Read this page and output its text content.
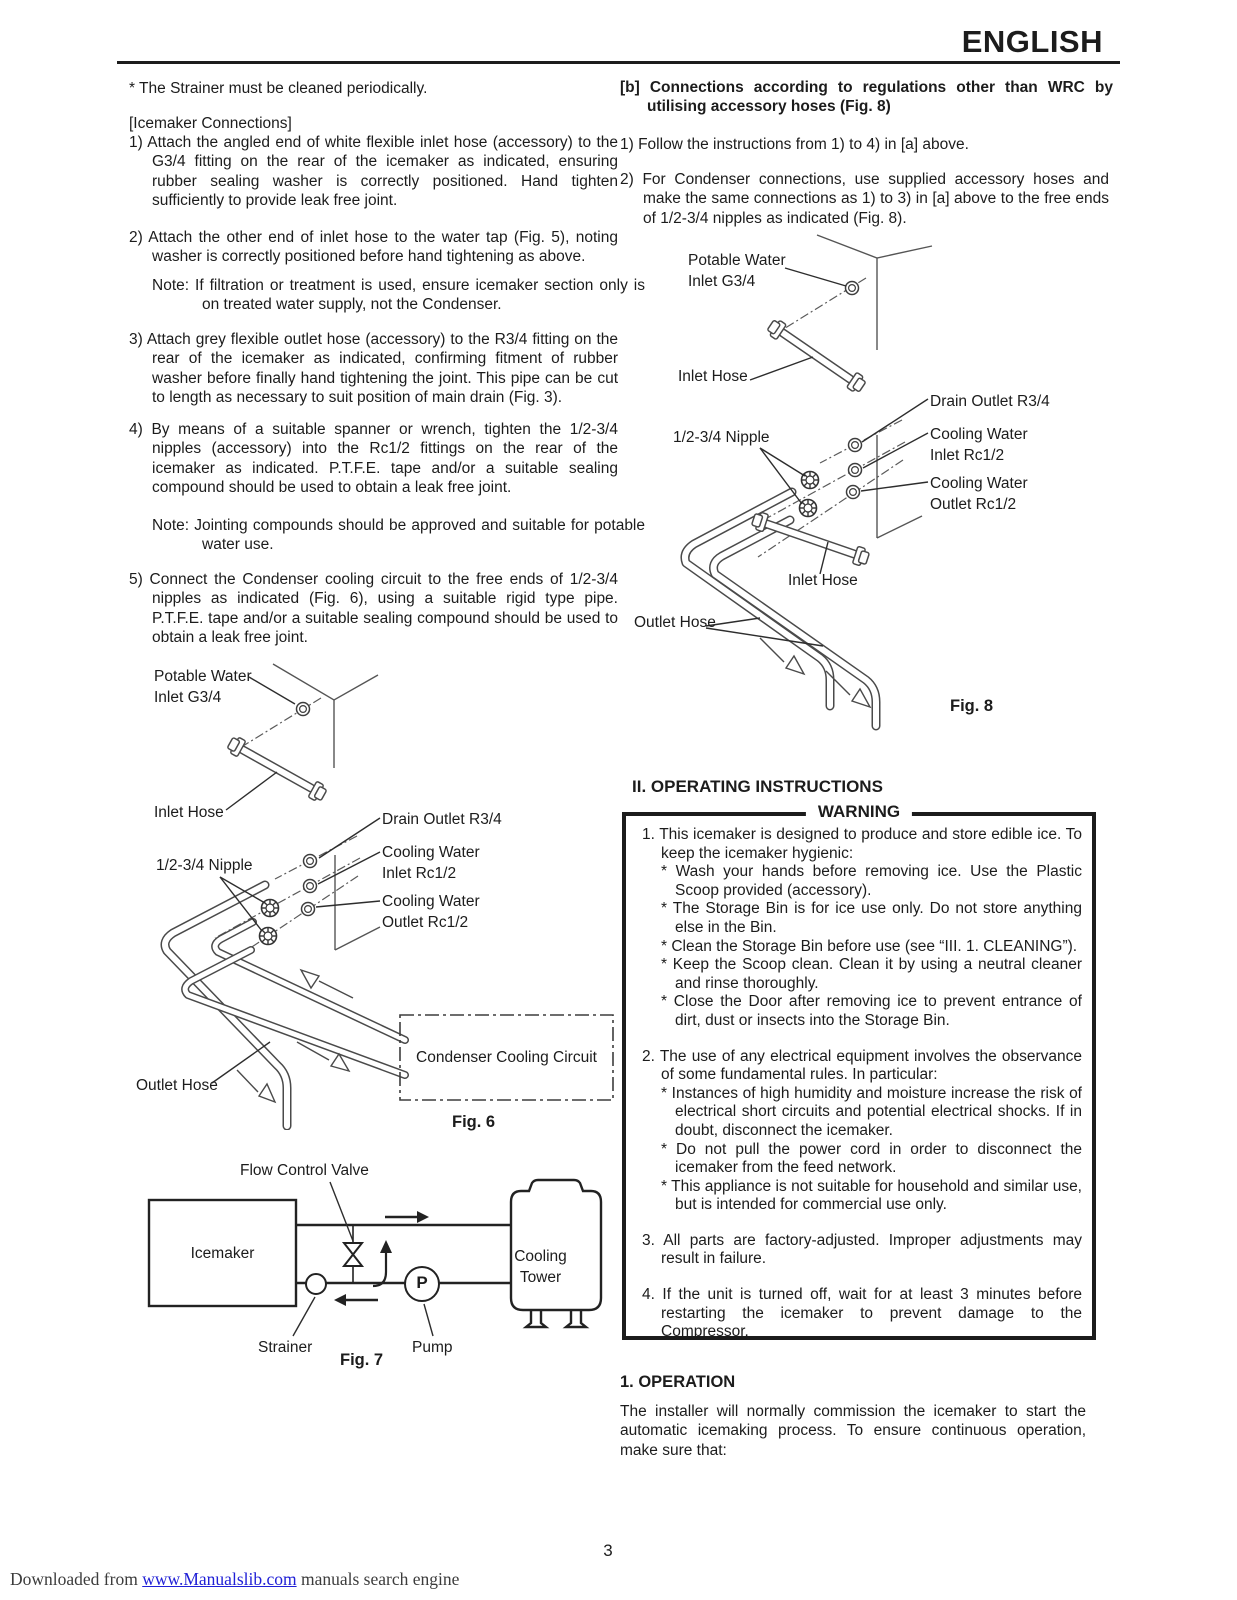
ENGLISH
* The Strainer must be cleaned periodically.
[Icemaker Connections]

1) Attach the angled end of white flexible inlet hose (accessory) to the G3/4 fitting on the rear of the icemaker as indicated, ensuring rubber sealing washer is correctly positioned. Hand tighten sufficiently to provide leak free joint.

2) Attach the other end of inlet hose to the water tap (Fig. 5), noting washer is correctly positioned before hand tightening as above.

Note: If filtration or treatment is used, ensure icemaker section only is on treated water supply, not the Condenser.

3) Attach grey flexible outlet hose (accessory) to the R3/4 fitting on the rear of the icemaker as indicated, confirming fitment of rubber washer before finally hand tightening the joint. This pipe can be cut to length as necessary to suit position of main drain (Fig. 3).

4) By means of a suitable spanner or wrench, tighten the 1/2-3/4 nipples (accessory) into the Rc1/2 fittings on the rear of the icemaker as indicated. P.T.F.E. tape and/or a suitable sealing compound should be used to obtain a leak free joint.

Note: Jointing compounds should be approved and suitable for potable water use.

5) Connect the Condenser cooling circuit to the free ends of 1/2-3/4 nipples as indicated (Fig. 6), using a suitable rigid type pipe. P.T.F.E. tape and/or a suitable sealing compound should be used to obtain a leak free joint.

Potable Water
Inlet G3/4
Inlet Hose
1/2-3/4 Nipple
Drain Outlet R3/4
Cooling Water
Inlet Rc1/2
Cooling Water
Outlet Rc1/2
Outlet Hose
Condenser Cooling Circuit
Fig. 6
Flow Control Valve
Icemaker	Cooling
Tower
P
Strainer	Pump
Fig. 7

[b] Connections according to regulations other than WRC by utilising accessory hoses (Fig. 8)

1) Follow the instructions from 1) to 4) in [a] above.

2) For Condenser connections, use supplied accessory hoses and make the same connections as 1) to 3) in [a] above to the free ends of 1/2-3/4 nipples as indicated (Fig. 8).

Potable Water
Inlet G3/4
Inlet Hose
1/2-3/4 Nipple
Drain Outlet R3/4
Cooling Water
Inlet Rc1/2
Cooling Water
Outlet Rc1/2
Inlet Hose
Outlet Hose
Fig. 8
II. OPERATING INSTRUCTIONS
WARNING

1. This icemaker is designed to produce and store edible ice. To keep the icemaker hygienic:

* Wash your hands before removing ice. Use the Plastic Scoop provided (accessory).

* The Storage Bin is for ice use only. Do not store anything else in the Bin.

* Clean the Storage Bin before use (see “III. 1. CLEANING”).

* Keep the Scoop clean. Clean it by using a neutral cleaner and rinse thoroughly.

* Close the Door after removing ice to prevent entrance of dirt, dust or insects into the Storage Bin.

2. The use of any electrical equipment involves the observance of some fundamental rules. In particular:

* Instances of high humidity and moisture increase the risk of electrical short circuits and potential electrical shocks. If in doubt, disconnect the icemaker.

* Do not pull the power cord in order to disconnect the icemaker from the feed network.

* This appliance is not suitable for household and similar use, but is intended for commercial use only.

3. All parts are factory-adjusted. Improper adjustments may result in failure.

4. If the unit is turned off, wait for at least 3 minutes before restarting the icemaker to prevent damage to the Compressor.

1. OPERATION

The installer will normally commission the icemaker to start the automatic icemaking process. To ensure continuous operation, make sure that:

3
Downloaded from www.Manualslib.com manuals search engine
